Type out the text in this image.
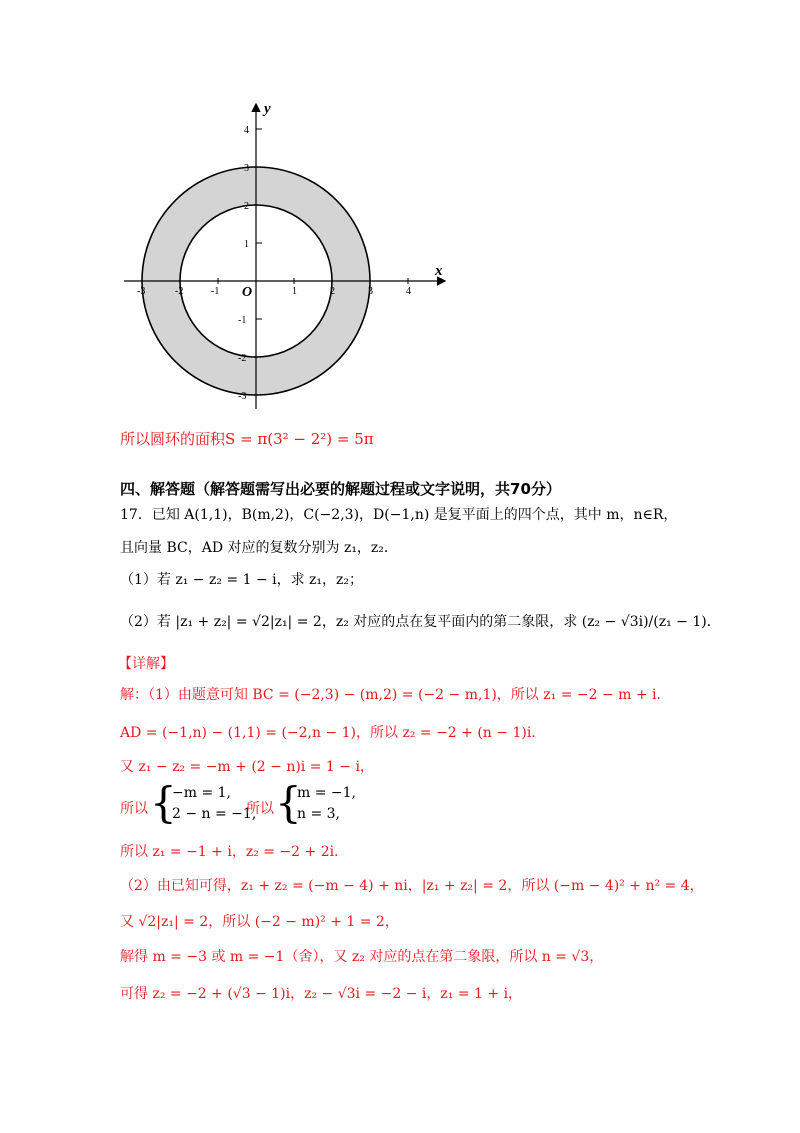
-3	-2	-1	1	2	3	4
4
3
2
1
-1
-2
-3
O
x
y
所以圆环的面积S = π(3² − 2²) = 5π
四、解答题（解答题需写出必要的解题过程或文字说明，共70分）
17．已知 A(1,1)，B(m,2)，C(−2,3)，D(−1,n) 是复平面上的四个点，其中 m，n∈R，
且向量 BC，AD 对应的复数分别为 z₁，z₂．
（1）若 z₁ − z₂ = 1 − i，求 z₁，z₂；
（2）若 |z₁ + z₂| = √2|z₁| = 2，z₂ 对应的点在复平面内的第二象限，求 (z₂ − √3i)/(z₁ − 1)．
【详解】
解：（1）由题意可知 BC = (−2,3) − (m,2) = (−2 − m,1)，所以 z₁ = −2 − m + i．
AD = (−1,n) − (1,1) = (−2,n − 1)，所以 z₂ = −2 + (n − 1)i．
又 z₁ − z₂ = −m + (2 − n)i = 1 − i，
所以 {
−m = 1,
2 − n = −1,
所以 {
m = −1,
n = 3,
所以 z₁ = −1 + i，z₂ = −2 + 2i．
（2）由已知可得，z₁ + z₂ = (−m − 4) + ni，|z₁ + z₂| = 2，所以 (−m − 4)² + n² = 4，
又 √2|z₁| = 2，所以 (−2 − m)² + 1 = 2，
解得 m = −3 或 m = −1（舍），又 z₂ 对应的点在第二象限，所以 n = √3，
可得 z₂ = −2 + (√3 − 1)i，z₂ − √3i = −2 − i，z₁ = 1 + i，
